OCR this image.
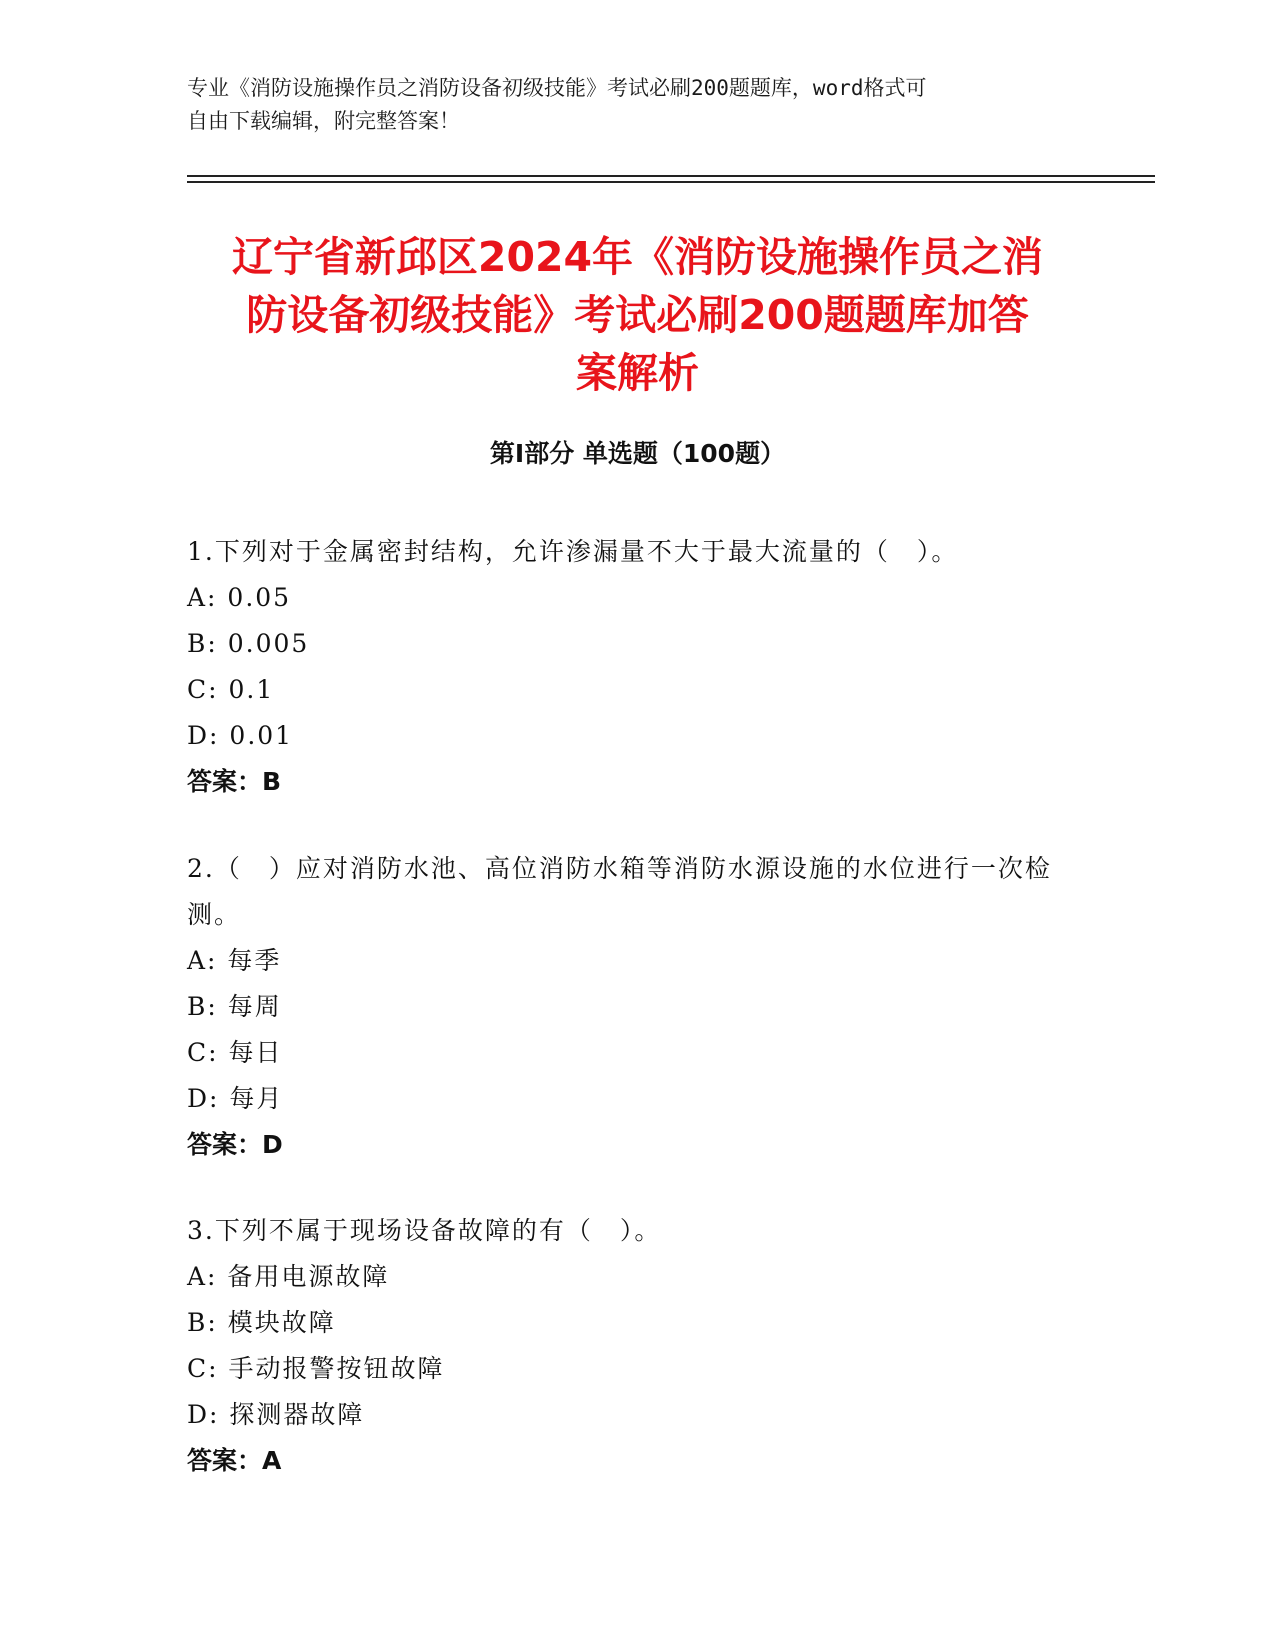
专业《消防设施操作员之消防设备初级技能》考试必刷200题题库，word格式可
自由下载编辑，附完整答案！
辽宁省新邱区2024年《消防设施操作员之消
防设备初级技能》考试必刷200题题库加答
案解析
第Ⅰ部分 单选题（100题）

1.下列对于金属密封结构，允许渗漏量不大于最大流量的（　）。

A: 0.05

B: 0.005

C: 0.1

D: 0.01

答案：B

2.（　）应对消防水池、高位消防水箱等消防水源设施的水位进行一次检测。

A: 每季

B: 每周

C: 每日

D: 每月

答案：D

3.下列不属于现场设备故障的有（　）。

A: 备用电源故障

B: 模块故障

C: 手动报警按钮故障

D: 探测器故障

答案：A
